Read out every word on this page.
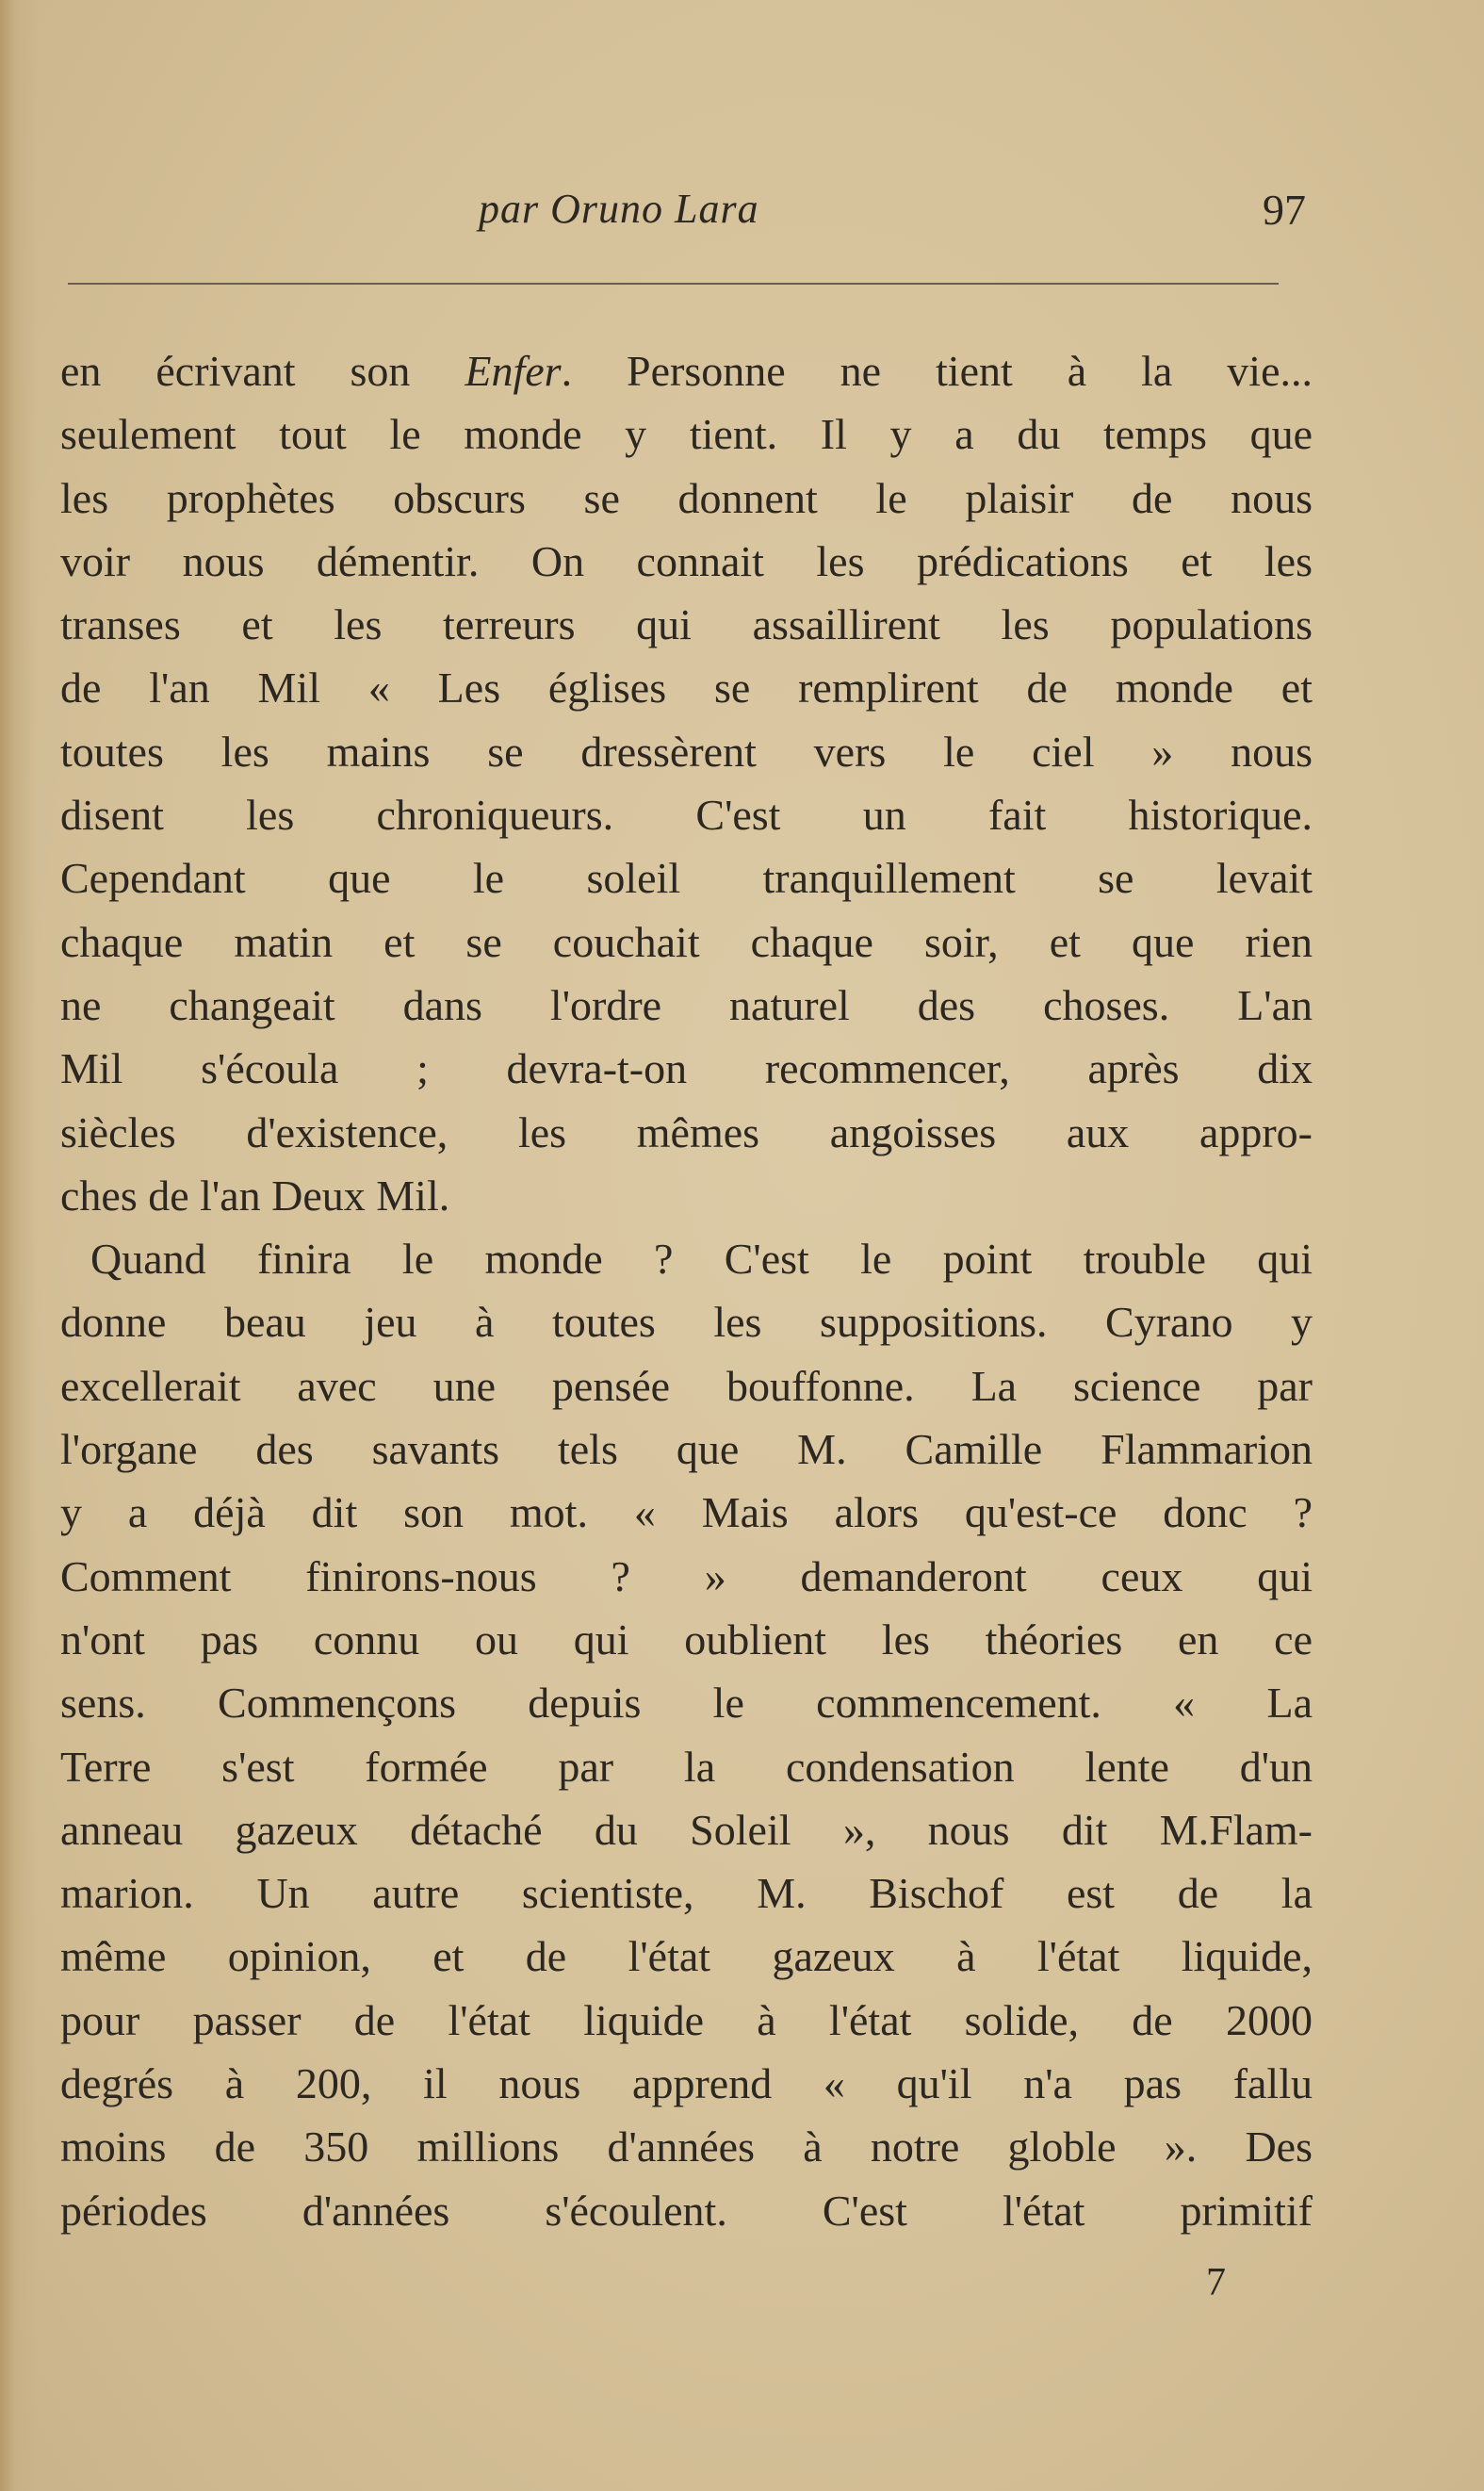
par Oruno Lara	97
en écrivant son Enfer. Personne ne tient à la vie...
seulement tout le monde y tient. Il y a du temps que
les prophètes obscurs se donnent le plaisir de nous
voir nous démentir. On connait les prédications et les
transes et les terreurs qui assaillirent les populations
de l'an Mil « Les églises se remplirent de monde et
toutes les mains se dressèrent vers le ciel » nous
disent les chroniqueurs. C'est un fait historique.
Cependant que le soleil tranquillement se levait
chaque matin et se couchait chaque soir, et que rien
ne changeait dans l'ordre naturel des choses. L'an
Mil s'écoula ; devra-t-on recommencer, après dix
siècles d'existence, les mêmes angoisses aux appro-
ches de l'an Deux Mil.
Quand finira le monde ? C'est le point trouble qui
donne beau jeu à toutes les suppositions. Cyrano y
excellerait avec une pensée bouffonne. La science par
l'organe des savants tels que M. Camille Flammarion
y a déjà dit son mot. « Mais alors qu'est-ce donc ?
Comment finirons-nous ? » demanderont ceux qui
n'ont pas connu ou qui oublient les théories en ce
sens. Commençons depuis le commencement. « La
Terre s'est formée par la condensation lente d'un
anneau gazeux détaché du Soleil », nous dit M.Flam-
marion. Un autre scientiste, M. Bischof est de la
même opinion, et de l'état gazeux à l'état liquide,
pour passer de l'état liquide à l'état solide, de 2000
degrés à 200, il nous apprend « qu'il n'a pas fallu
moins de 350 millions d'années à notre globle ». Des
périodes d'années s'écoulent. C'est l'état primitif
7
